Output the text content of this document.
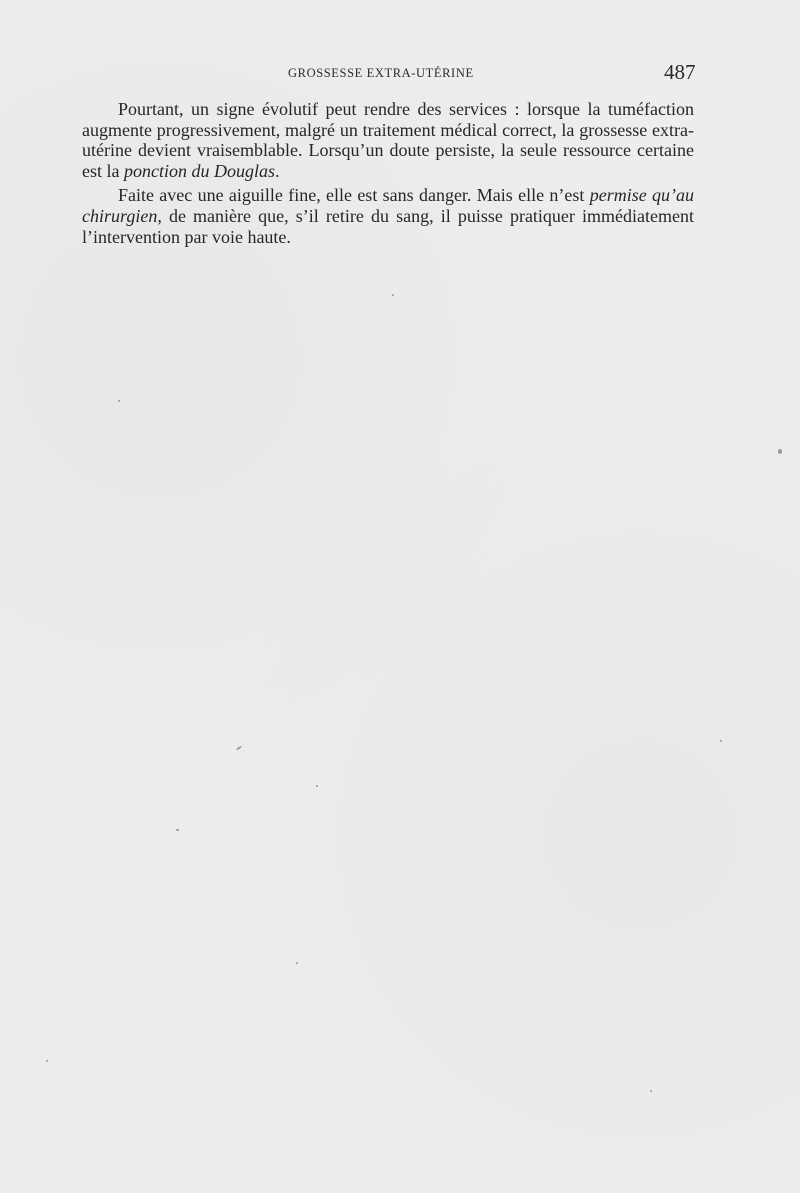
GROSSESSE EXTRA-UTÉRINE	487

Pourtant, un signe évolutif peut rendre des services : lorsque la tuméfaction augmente progressivement, malgré un traitement médical correct, la grossesse extra-utérine devient vraisemblable. Lorsqu’un doute persiste, la seule ressource certaine est la ponction du Douglas.

Faite avec une aiguille fine, elle est sans danger. Mais elle n’est permise qu’au chirurgien, de manière que, s’il retire du sang, il puisse pratiquer immédiatement l’intervention par voie haute.
